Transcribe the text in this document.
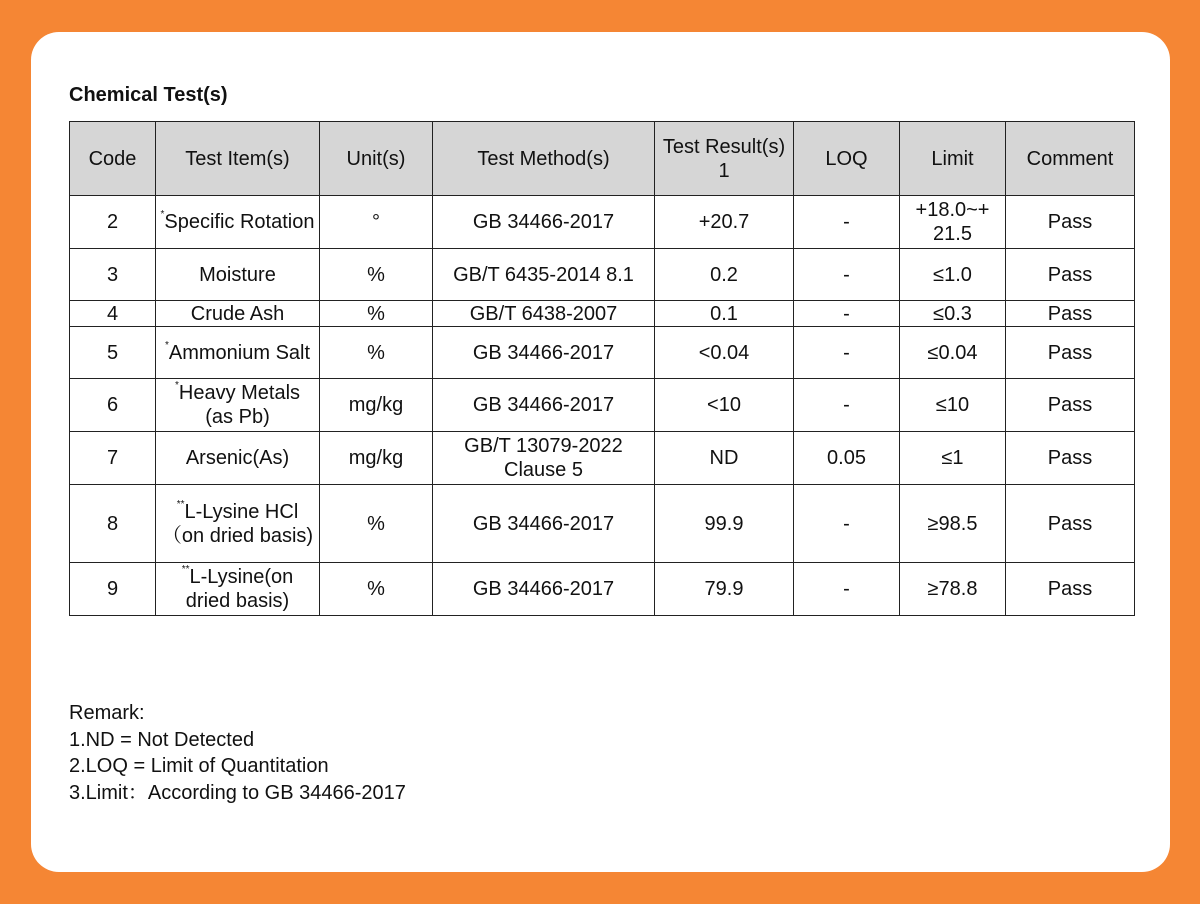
Chemical Test(s)
Code	Test Item(s)	Unit(s)	Test Method(s)	Test Result(s) 1	LOQ	Limit	Comment
2	*Specific Rotation	°	GB 34466-2017	+20.7	-	+18.0~+ 21.5	Pass
3	Moisture	%	GB/T 6435-2014 8.1	0.2	-	≤1.0	Pass
4	Crude Ash	%	GB/T 6438-2007	0.1	-	≤0.3	Pass
5	*Ammonium Salt	%	GB 34466-2017	<0.04	-	≤0.04	Pass
6	*Heavy Metals (as Pb)	mg/kg	GB 34466-2017	<10	-	≤10	Pass
7	Arsenic(As)	mg/kg	GB/T 13079-2022 Clause 5	ND	0.05	≤1	Pass
8	**L-Lysine HCl （on dried basis)	%	GB 34466-2017	99.9	-	≥98.5	Pass
9	**L-Lysine(on dried basis)	%	GB 34466-2017	79.9	-	≥78.8	Pass
Remark:
1.ND = Not Detected
2.LOQ = Limit of Quantitation
3.Limit：According to GB 34466-2017
